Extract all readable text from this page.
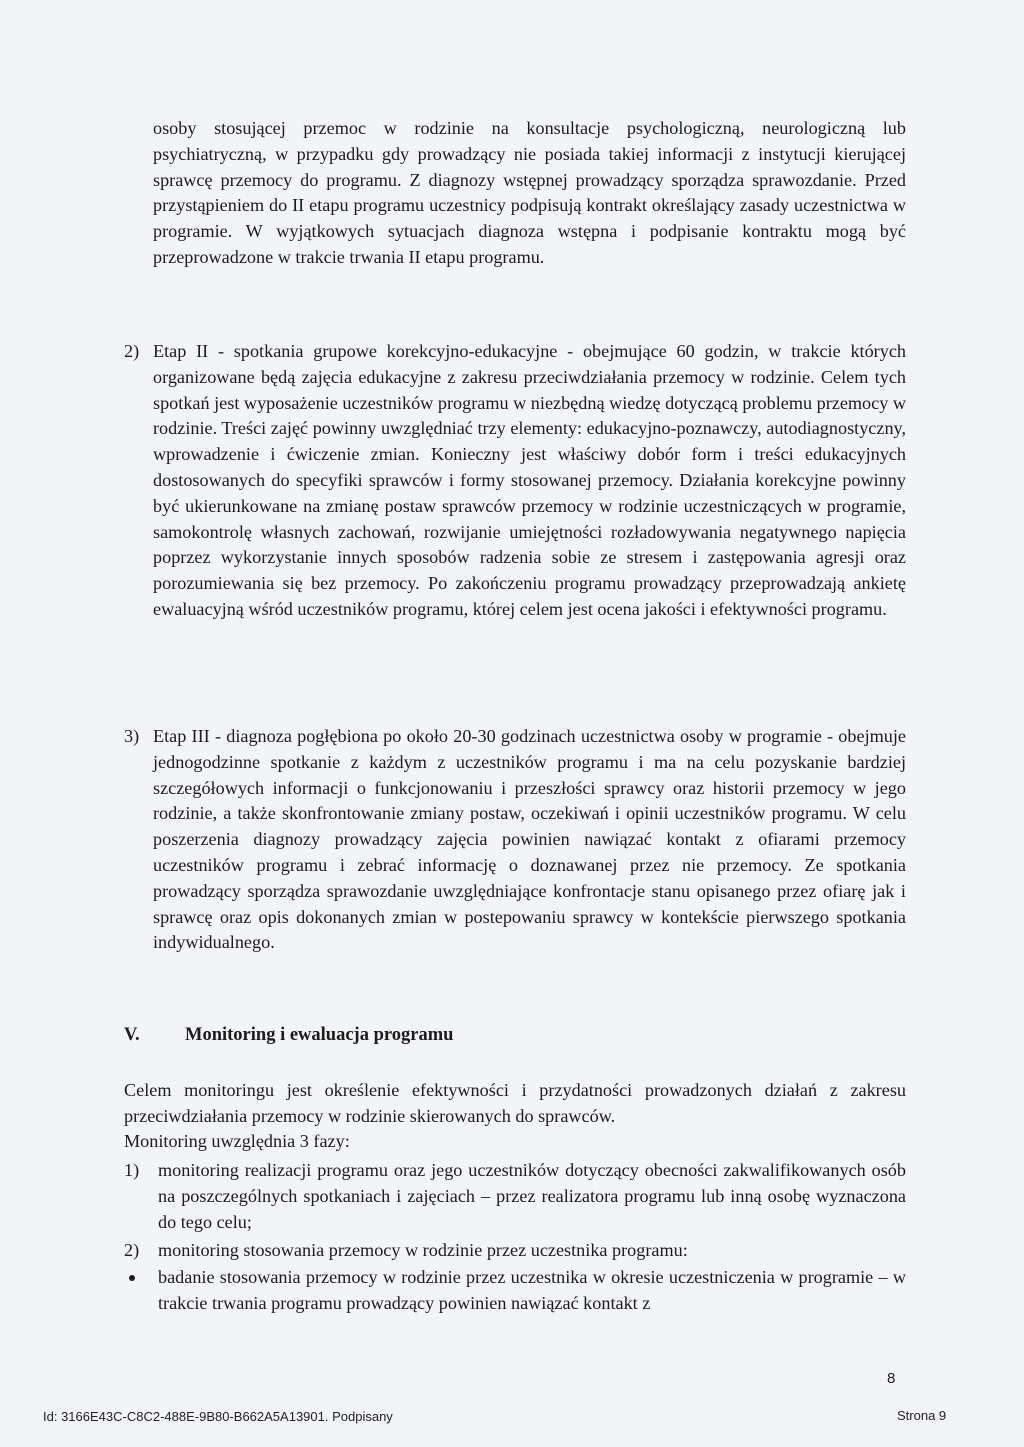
osoby stosującej przemoc w rodzinie na konsultacje psychologiczną, neurologiczną lub psychiatryczną, w przypadku gdy prowadzący nie posiada takiej informacji z instytucji kierującej sprawcę przemocy do programu. Z diagnozy wstępnej prowadzący sporządza sprawozdanie. Przed przystąpieniem do II etapu programu uczestnicy podpisują kontrakt określający zasady uczestnictwa w programie. W wyjątkowych sytuacjach diagnoza wstępna i podpisanie kontraktu mogą być przeprowadzone w trakcie trwania II etapu programu.

2) Etap II - spotkania grupowe korekcyjno-edukacyjne - obejmujące 60 godzin, w trakcie których organizowane będą zajęcia edukacyjne z zakresu przeciwdziałania przemocy w rodzinie. Celem tych spotkań jest wyposażenie uczestników programu w niezbędną wiedzę dotyczącą problemu przemocy w rodzinie. Treści zajęć powinny uwzględniać trzy elementy: edukacyjno-poznawczy, autodiagnostyczny, wprowadzenie i ćwiczenie zmian. Konieczny jest właściwy dobór form i treści edukacyjnych dostosowanych do specyfiki sprawców i formy stosowanej przemocy. Działania korekcyjne powinny być ukierunkowane na zmianę postaw sprawców przemocy w rodzinie uczestniczących w programie, samokontrolę własnych zachowań, rozwijanie umiejętności rozładowywania negatywnego napięcia poprzez wykorzystanie innych sposobów radzenia sobie ze stresem i zastępowania agresji oraz porozumiewania się bez przemocy. Po zakończeniu programu prowadzący przeprowadzają ankietę ewaluacyjną wśród uczestników programu, której celem jest ocena jakości i efektywności programu.

3) Etap III - diagnoza pogłębiona po około 20-30 godzinach uczestnictwa osoby w programie - obejmuje jednogodzinne spotkanie z każdym z uczestników programu i ma na celu pozyskanie bardziej szczegółowych informacji o funkcjonowaniu i przeszłości sprawcy oraz historii przemocy w jego rodzinie, a także skonfrontowanie zmiany postaw, oczekiwań i opinii uczestników programu. W celu poszerzenia diagnozy prowadzący zajęcia powinien nawiązać kontakt z ofiarami przemocy uczestników programu i zebrać informację o doznawanej przez nie przemocy. Ze spotkania prowadzący sporządza sprawozdanie uwzględniające konfrontacje stanu opisanego przez ofiarę jak i sprawcę oraz opis dokonanych zmian w postepowaniu sprawcy w kontekście pierwszego spotkania indywidualnego.

V. Monitoring i ewaluacja programu

Celem monitoringu jest określenie efektywności i przydatności prowadzonych działań z zakresu przeciwdziałania przemocy w rodzinie skierowanych do sprawców.

Monitoring uwzględnia 3 fazy:

1) monitoring realizacji programu oraz jego uczestników dotyczący obecności zakwalifikowanych osób na poszczególnych spotkaniach i zajęciach – przez realizatora programu lub inną osobę wyznaczona do tego celu;

2) monitoring stosowania przemocy w rodzinie przez uczestnika programu:

badanie stosowania przemocy w rodzinie przez uczestnika w okresie uczestniczenia w programie – w trakcie trwania programu prowadzący powinien nawiązać kontakt z

8
Id: 3166E43C-C8C2-488E-9B80-B662A5A13901. Podpisany	Strona 9
